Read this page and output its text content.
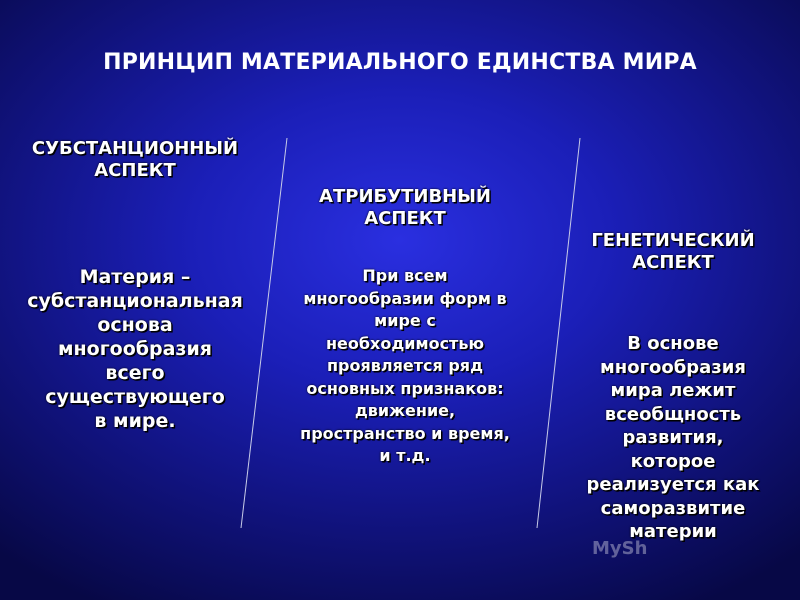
ПРИНЦИП МАТЕРИАЛЬНОГО ЕДИНСТВА МИРА
СУБСТАНЦИОННЫЙ
АСПЕКТ
Материя –
субстанциональная
основа
многообразия
всего
существующего
в мире.
АТРИБУТИВНЫЙ
АСПЕКТ
При всем
многообразии форм в
мире с
необходимостью
проявляется ряд
основных признаков:
движение,
пространство и время,
и т.д.
ГЕНЕТИЧЕСКИЙ
АСПЕКТ
В основе
многообразия
мира лежит
всеобщность
развития,
которое
реализуется как
саморазвитие
материи
МySh
